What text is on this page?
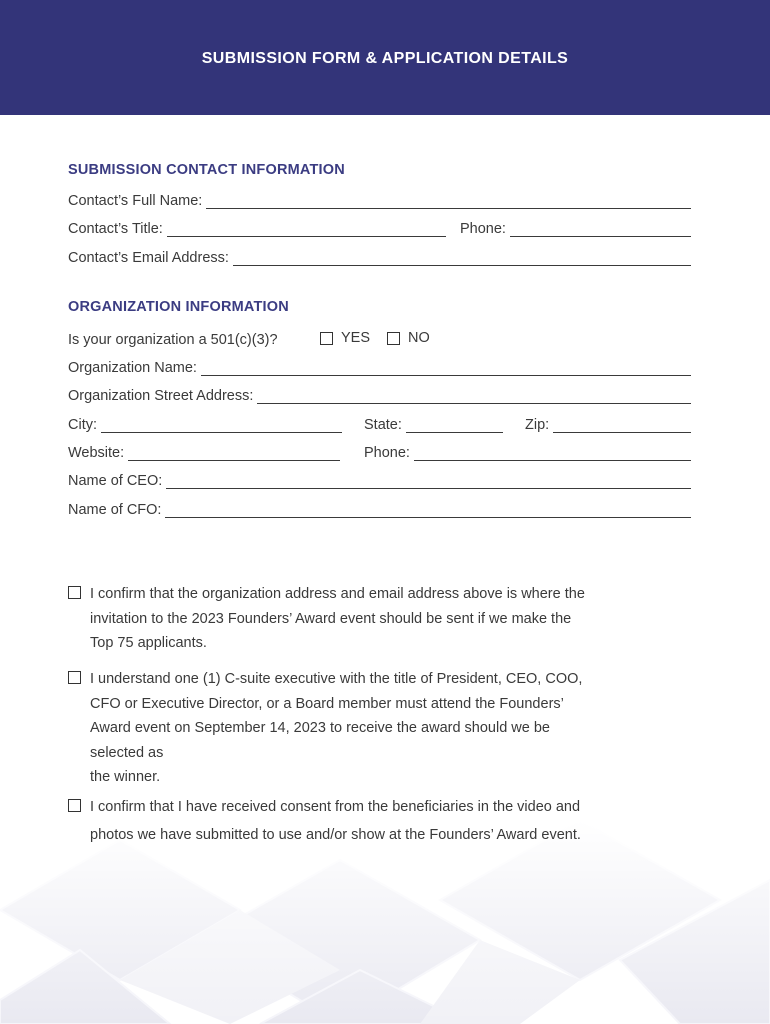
SUBMISSION FORM & APPLICATION DETAILS
SUBMISSION CONTACT INFORMATION
Contact’s Full Name:
Contact’s Title:	Phone:
Contact’s Email Address:
ORGANIZATION INFORMATION
Is your organization a 501(c)(3)?	YES	NO
Organization Name:
Organization Street Address:
City:	State:	Zip:
Website:	Phone:
Name of CEO:
Name of CFO:
I confirm that the organization address and email address above is where the
invitation to the 2023 Founders’ Award event should be sent if we make the
Top 75 applicants.
I understand one (1) C-suite executive with the title of President, CEO, COO,
CFO or Executive Director, or a Board member must attend the Founders’
Award event on September 14, 2023 to receive the award should we be
selected as
the winner.
I confirm that I have received consent from the beneficiaries in the video and
photos we have submitted to use and/or show at the Founders’ Award event.
